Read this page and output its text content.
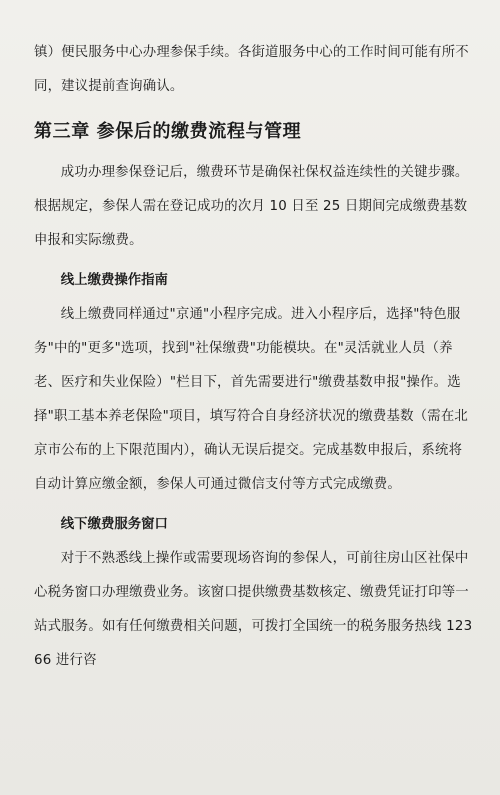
镇）便民服务中心办理参保手续。各街道服务中心的工作时间可能有所不同，建议提前查询确认。

第三章 参保后的缴费流程与管理

成功办理参保登记后，缴费环节是确保社保权益连续性的关键步骤。根据规定，参保人需在登记成功的次月 10 日至 25 日期间完成缴费基数申报和实际缴费。

线上缴费操作指南

线上缴费同样通过"京通"小程序完成。进入小程序后，选择"特色服务"中的"更多"选项，找到"社保缴费"功能模块。在"灵活就业人员（养老、医疗和失业保险）"栏目下，首先需要进行"缴费基数申报"操作。选择"职工基本养老保险"项目，填写符合自身经济状况的缴费基数（需在北京市公布的上下限范围内），确认无误后提交。完成基数申报后，系统将自动计算应缴金额，参保人可通过微信支付等方式完成缴费。

线下缴费服务窗口

对于不熟悉线上操作或需要现场咨询的参保人，可前往房山区社保中心税务窗口办理缴费业务。该窗口提供缴费基数核定、缴费凭证打印等一站式服务。如有任何缴费相关问题，可拨打全国统一的税务服务热线 12366 进行咨
